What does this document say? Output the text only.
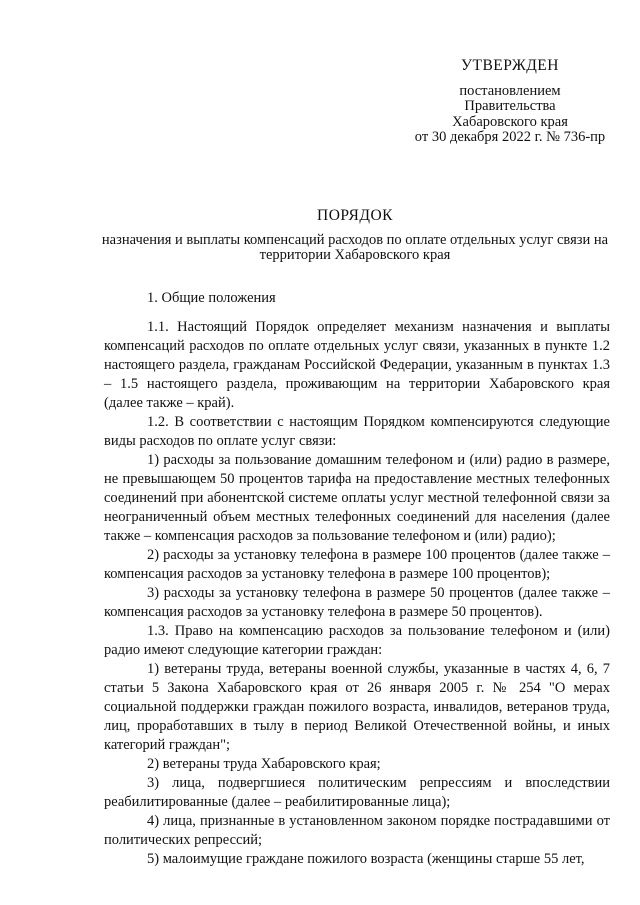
УТВЕРЖДЕН
постановлением
Правительства
Хабаровского края
от 30 декабря 2022 г. № 736-пр
ПОРЯДОК
назначения и выплаты компенсаций расходов по оплате отдельных услуг связи на территории Хабаровского края

1. Общие положения

1.1. Настоящий Порядок определяет механизм назначения и выплаты компенсаций расходов по оплате отдельных услуг связи, указанных в пункте 1.2 настоящего раздела, гражданам Российской Федерации, указанным в пунктах 1.3 – 1.5 настоящего раздела, проживающим на территории Хабаровского края (далее также – край).

1.2. В соответствии с настоящим Порядком компенсируются следующие виды расходов по оплате услуг связи:

1) расходы за пользование домашним телефоном и (или) радио в размере, не превышающем 50 процентов тарифа на предоставление местных телефонных соединений при абонентской системе оплаты услуг местной телефонной связи за неограниченный объем местных телефонных соединений для населения (далее также – компенсация расходов за пользование телефоном и (или) радио);

2) расходы за установку телефона в размере 100 процентов (далее также – компенсация расходов за установку телефона в размере 100 процентов);

3) расходы за установку телефона в размере 50 процентов (далее также – компенсация расходов за установку телефона в размере 50 процентов).

1.3. Право на компенсацию расходов за пользование телефоном и (или) радио имеют следующие категории граждан:

1) ветераны труда, ветераны военной службы, указанные в частях 4, 6, 7 статьи 5 Закона Хабаровского края от 26 января 2005 г. № 254 "О мерах социальной поддержки граждан пожилого возраста, инвалидов, ветеранов труда, лиц, проработавших в тылу в период Великой Отечественной войны, и иных категорий граждан";

2) ветераны труда Хабаровского края;

3) лица, подвергшиеся политическим репрессиям и впоследствии реабилитированные (далее – реабилитированные лица);

4) лица, признанные в установленном законом порядке пострадавшими от политических репрессий;

5) малоимущие граждане пожилого возраста (женщины старше 55 лет,
